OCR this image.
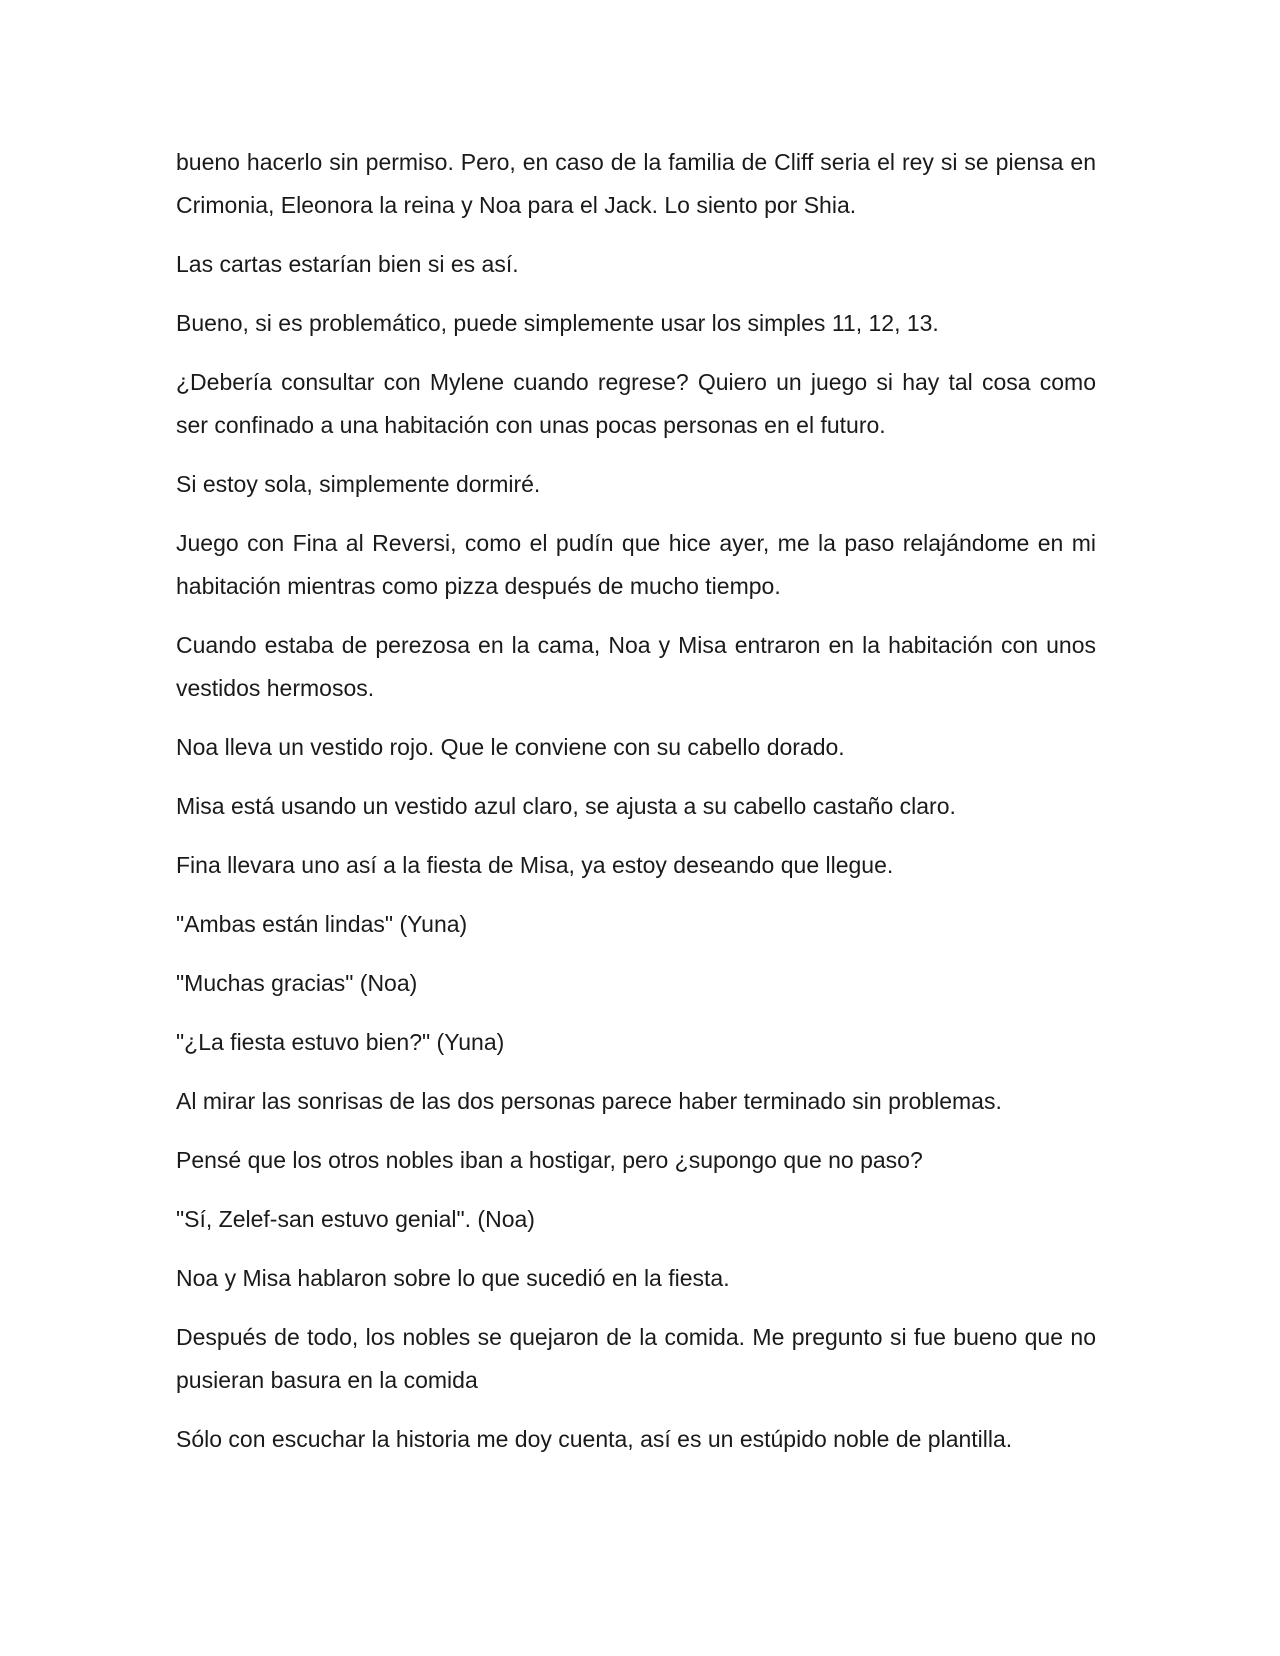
bueno hacerlo sin permiso. Pero, en caso de la familia de Cliff seria el rey si se piensa en Crimonia, Eleonora la reina y Noa para el Jack. Lo siento por Shia.

Las cartas estarían bien si es así.

Bueno, si es problemático, puede simplemente usar los simples 11, 12, 13.

¿Debería consultar con Mylene cuando regrese? Quiero un juego si hay tal cosa como ser confinado a una habitación con unas pocas personas en el futuro.

Si estoy sola, simplemente dormiré.

Juego con Fina al Reversi, como el pudín que hice ayer, me la paso relajándome en mi habitación mientras como pizza después de mucho tiempo.

Cuando estaba de perezosa en la cama, Noa y Misa entraron en la habitación con unos vestidos hermosos.

Noa lleva un vestido rojo. Que le conviene con su cabello dorado.

Misa está usando un vestido azul claro, se ajusta a su cabello castaño claro.

Fina llevara uno así a la fiesta de Misa, ya estoy deseando que llegue.

"Ambas están lindas" (Yuna)

"Muchas gracias" (Noa)

"¿La fiesta estuvo bien?" (Yuna)

Al mirar las sonrisas de las dos personas parece haber terminado sin problemas.

Pensé que los otros nobles iban a hostigar, pero ¿supongo que no paso?

"Sí, Zelef-san estuvo genial". (Noa)

Noa y Misa hablaron sobre lo que sucedió en la fiesta.

Después de todo, los nobles se quejaron de la comida. Me pregunto si fue bueno que no pusieran basura en la comida

Sólo con escuchar la historia me doy cuenta, así es un estúpido noble de plantilla.
